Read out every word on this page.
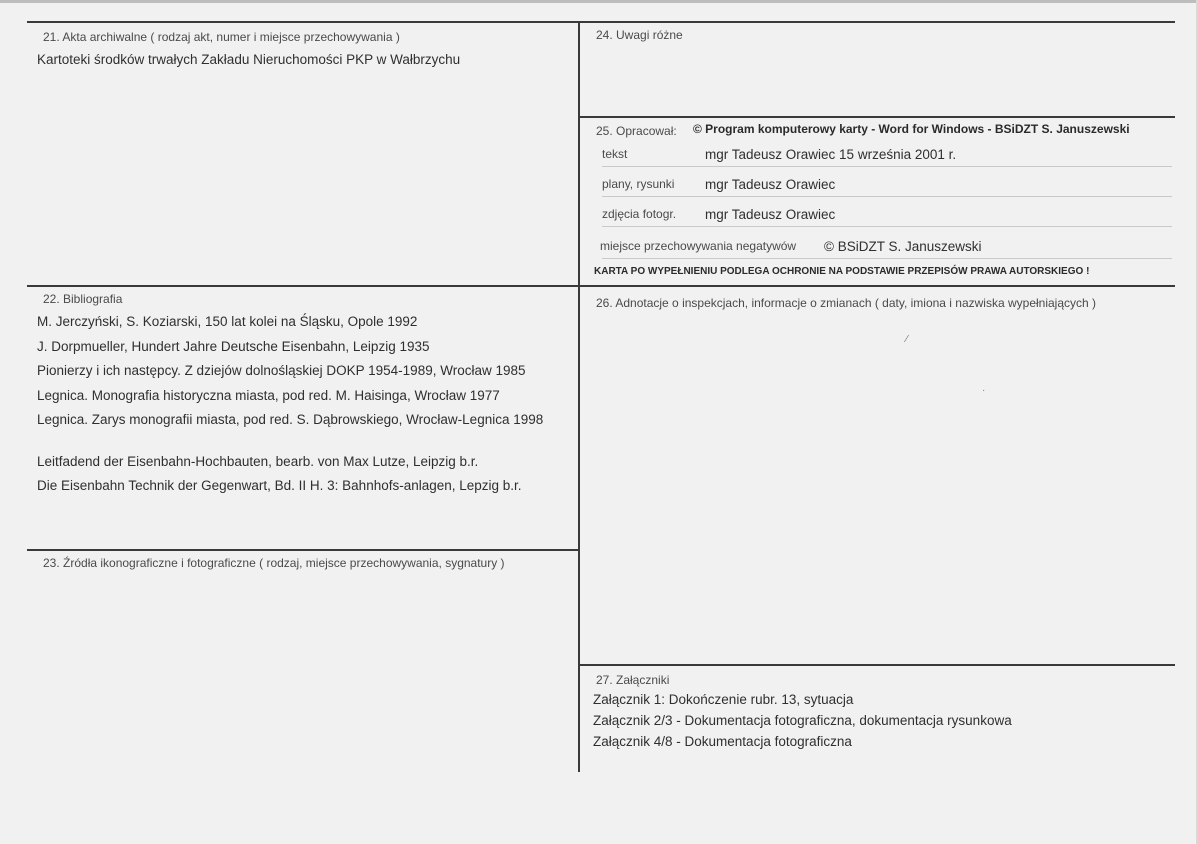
21. Akta archiwalne ( rodzaj akt, numer i miejsce przechowywania )
Kartoteki środków trwałych Zakładu Nieruchomości PKP w Wałbrzychu
24. Uwagi różne
25. Opracował: © Program komputerowy karty - Word for Windows - BSiDZT S. Januszewski
tekst	mgr Tadeusz Orawiec 15 września 2001 r.
plany, rysunki mgr Tadeusz Orawiec
zdjęcia fotogr. mgr Tadeusz Orawiec
miejsce przechowywania negatywów © BSiDZT S. Januszewski
KARTA PO WYPEŁNIENIU PODLEGA OCHRONIE NA PODSTAWIE PRZEPISÓW PRAWA AUTORSKIEGO !
22. Bibliografia
M. Jerczyński, S. Koziarski, 150 lat kolei na Śląsku, Opole 1992
J. Dorpmueller, Hundert Jahre Deutsche Eisenbahn, Leipzig 1935
Pionierzy i ich następcy. Z dziejów dolnośląskiej DOKP 1954-1989, Wrocław 1985
Legnica. Monografia historyczna miasta, pod red. M. Haisinga, Wrocław 1977
Legnica. Zarys monografii miasta, pod red. S. Dąbrowskiego, Wrocław-Legnica 1998
Leitfadend der Eisenbahn-Hochbauten, bearb. von Max Lutze, Leipzig b.r.
Die Eisenbahn Technik der Gegenwart, Bd. II H. 3: Bahnhofs-anlagen, Lepzig b.r.
26. Adnotacje o inspekcjach, informacje o zmianach ( daty, imiona i nazwiska wypełniających )
⁄
·
23. Źródła ikonograficzne i fotograficzne ( rodzaj, miejsce przechowywania, sygnatury )
27. Załączniki
Załącznik 1: Dokończenie rubr. 13, sytuacja
Załącznik 2/3 - Dokumentacja fotograficzna, dokumentacja rysunkowa
Załącznik 4/8 - Dokumentacja fotograficzna
